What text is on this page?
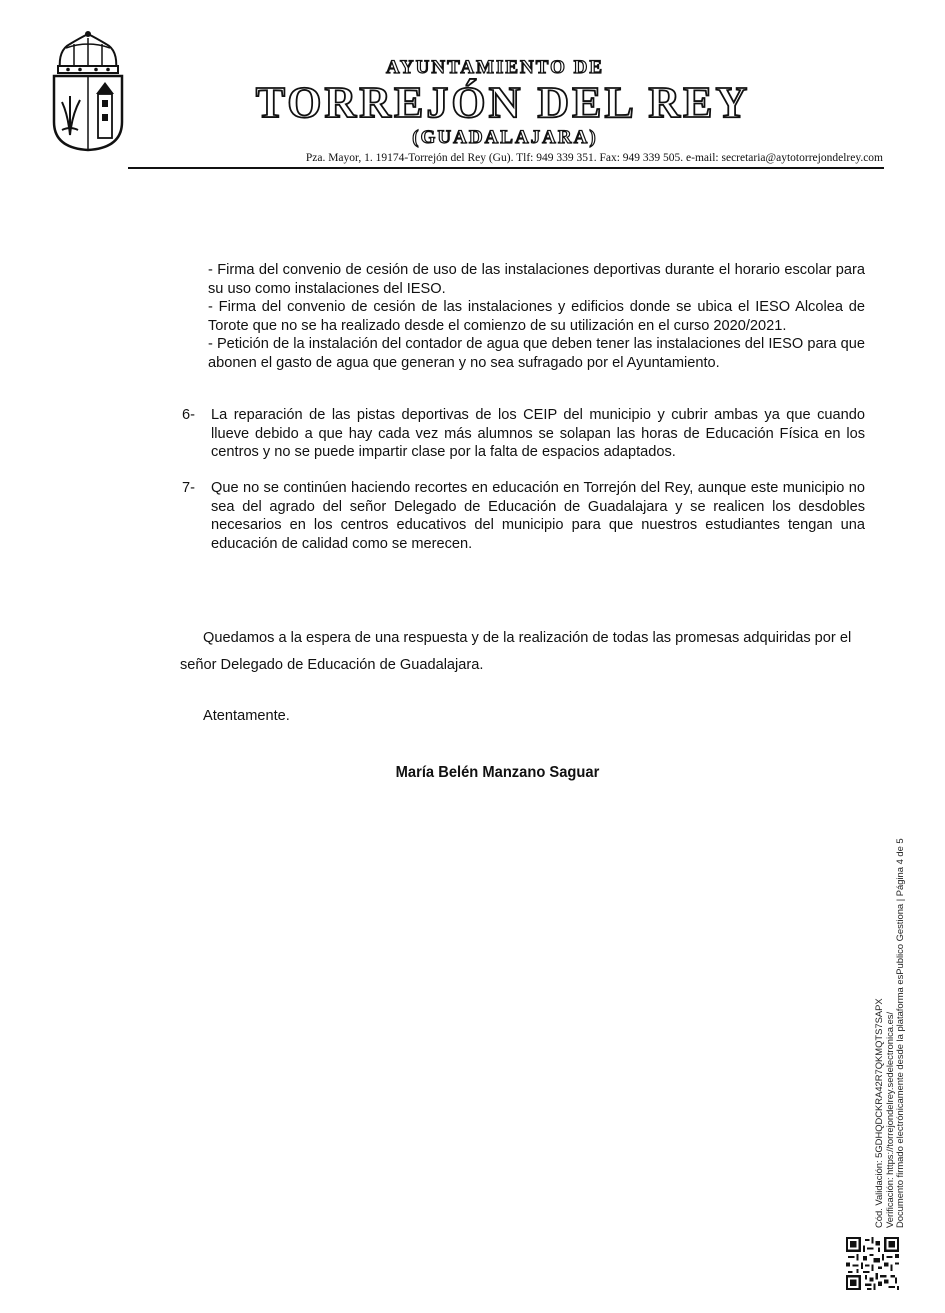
AYUNTAMIENTO DE
TORREJÓN DEL REY
(GUADALAJARA)
Pza. Mayor, 1. 19174-Torrejón del Rey (Gu). Tlf: 949 339 351. Fax: 949 339 505. e-mail: secretaria@aytotorrejondelrey.com
- Firma del convenio de cesión de uso de las instalaciones deportivas durante el horario escolar para su uso como instalaciones del IESO.
- Firma del convenio de cesión de las instalaciones y edificios donde se ubica el IESO Alcolea de Torote que no se ha realizado desde el comienzo de su utilización en el curso 2020/2021.
- Petición de la instalación del contador de agua que deben tener las instalaciones del IESO para que abonen el gasto de agua que generan y no sea sufragado por el Ayuntamiento.
6- La reparación de las pistas deportivas de los CEIP del municipio y cubrir ambas ya que cuando llueve debido a que hay cada vez más alumnos se solapan las horas de Educación Física en los centros y no se puede impartir clase por la falta de espacios adaptados.
7- Que no se continúen haciendo recortes en educación en Torrejón del Rey, aunque este municipio no sea del agrado del señor Delegado de Educación de Guadalajara y se realicen los desdobles necesarios en los centros educativos del municipio para que nuestros estudiantes tengan una educación de calidad como se merecen.
Quedamos a la espera de una respuesta y de la realización de todas las promesas adquiridas por el señor Delegado de Educación de Guadalajara.
Atentamente.
María Belén Manzano Saguar
Cód. Validación: 5GDHQDCKRA42R7QKMQTS7SAPX Verificación: https://torrejondelrey.sedelectronica.es/ Documento firmado electrónicamente desde la plataforma esPublico Gestiona | Página 4 de 5
